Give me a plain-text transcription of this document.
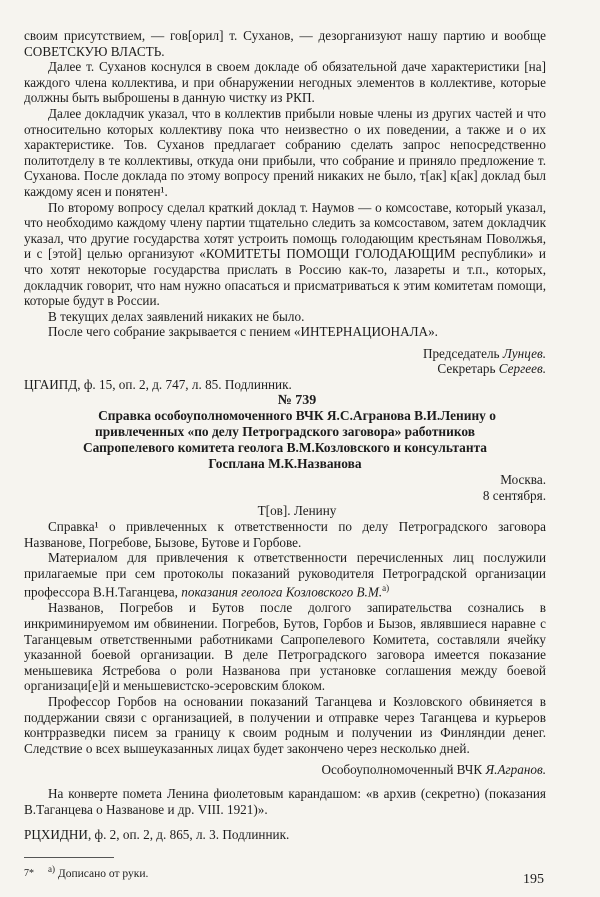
своим присутствием, — гов[орил] т. Суханов, — дезорганизуют нашу партию и вообще СОВЕТСКУЮ ВЛАСТЬ.

Далее т. Суханов коснулся в своем докладе об обязательной даче характеристики [на] каждого члена коллектива, и при обнаружении негодных элементов в коллективе, которые должны быть выброшены в данную чистку из РКП.

Далее докладчик указал, что в коллектив прибыли новые члены из других частей и что относительно которых коллективу пока что неизвестно о их поведении, а также и о их характеристике. Тов. Суханов предлагает собранию сделать запрос непосредственно политотделу в те коллективы, откуда они прибыли, что собрание и приняло предложение т. Суханова. После доклада по этому вопросу прений никаких не было, т[ак] к[ак] доклад был каждому ясен и понятен¹.

По второму вопросу сделал краткий доклад т. Наумов — о комсоставе, который указал, что необходимо каждому члену партии тщательно следить за комсоставом, затем докладчик указал, что другие государства хотят устроить помощь голодающим крестьянам Поволжья, и с [этой] целью организуют «КОМИТЕТЫ ПОМОЩИ ГОЛОДАЮЩИМ республики» и что хотят некоторые государства прислать в Россию как-то, лазареты и т.п., которых, докладчик говорит, что нам нужно опасаться и присматриваться к этим комитетам помощи, которые будут в России.

В текущих делах заявлений никаких не было.

После чего собрание закрывается с пением «ИНТЕРНАЦИОНАЛА».

Председатель Лунцев.

Секретарь Сергеев.

ЦГАИПД, ф. 15, оп. 2, д. 747, л. 85. Подлинник.

№ 739

Справка особоуполномоченного ВЧК Я.С.Агранова В.И.Ленину о привлеченных «по делу Петроградского заговора» работников Сапропелевого комитета геолога В.М.Козловского и консультанта Госплана М.К.Названова

Москва.

8 сентября.

Т[ов]. Ленину

Справка¹ о привлеченных к ответственности по делу Петроградского заговора Названове, Погребове, Бызове, Бутове и Горбове.

Материалом для привлечения к ответственности перечисленных лиц послужили прилагаемые при сем протоколы показаний руководителя Петроградской организации профессора В.Н.Таганцева, показания геолога Козловского В.М.$^{a)}$

Названов, Погребов и Бутов после долгого запирательства сознались в инкриминируемом им обвинении. Погребов, Бутов, Горбов и Бызов, являвшиеся наравне с Таганцевым ответственными работниками Сапропелевого Комитета, составляли ячейку указанной боевой организации. В деле Петроградского заговора имеется показание меньшевика Ястребова о роли Названова при установке соглашения между боевой организаци[е]й и меньшевистско-эсеровским блоком.

Профессор Горбов на основании показаний Таганцева и Козловского обвиняется в поддержании связи с организацией, в получении и отправке через Таганцева и курьеров контрразведки писем за границу к своим родным и получении из Финляндии денег. Следствие о всех вышеуказанных лицах будет закончено через несколько дней.

Особоуполномоченный ВЧК Я.Агранов.

На конверте помета Ленина фиолетовым карандашом: «в архив (секретно) (показания В.Таганцева о Названове и др. VIII. 1921)».

РЦХИДНИ, ф. 2, оп. 2, д. 865, л. 3. Подлинник.

$^{а)}$ Дописано от руки.

7*	195
